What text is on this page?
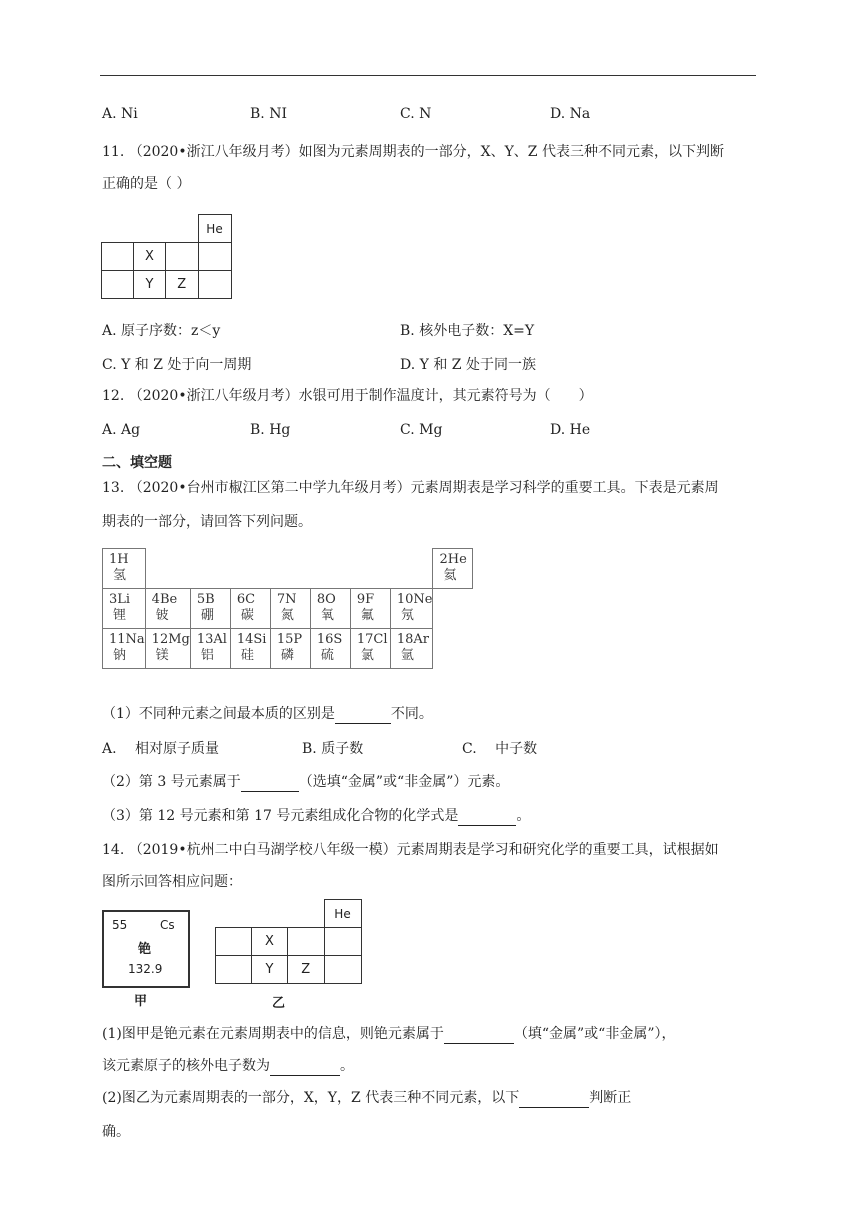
A. Ni	B. NI	C. N	D. Na
11. （2020•浙江八年级月考）如图为元素周期表的一部分，X、Y、Z 代表三种不同元素，以下判断
正确的是（ ）
			He
	X		
	Y	Z	
A. 原子序数：z＜y	B. 核外电子数：X=Y
C. Y 和 Z 处于向一周期	D. Y 和 Z 处于同一族
12. （2020•浙江八年级月考）水银可用于制作温度计，其元素符号为（　　）
A. Ag	B. Hg	C. Mg	D. He
二、填空题
13. （2020•台州市椒江区第二中学九年级月考）元素周期表是学习科学的重要工具。下表是元素周
期表的一部分，请回答下列问题。
1H
氢								2He
氦

3Li
锂	4Be
铍	5B
硼	6C
碳	7N
氮	8O
氧	9F
氟	10Ne
氖	

11Na
钠	12Mg
镁	13Al
铝	14Si
硅	15P
磷	16S
硫	17Cl
氯	18Ar
氩	
（1）不同种元素之间最本质的区别是	不同。
A.　 相对原子质量	B. 质子数	C.　 中子数
（2）第 3 号元素属于	（选填“金属”或“非金属”）元素。
（3）第 12 号元素和第 17 号元素组成化合物的化学式是	。
14. （2019•杭州二中白马湖学校八年级一模）元素周期表是学习和研究化学的重要工具，试根据如
图所示回答相应问题：
55	Cs
铯
132.9
甲
			He
	X		
	Y	Z	
乙
(1)图甲是铯元素在元素周期表中的信息，则铯元素属于	（填“金属”或“非金属”），
该元素原子的核外电子数为	。
(2)图乙为元素周期表的一部分，X，Y，Z 代表三种不同元素，以下	判断正
确。
